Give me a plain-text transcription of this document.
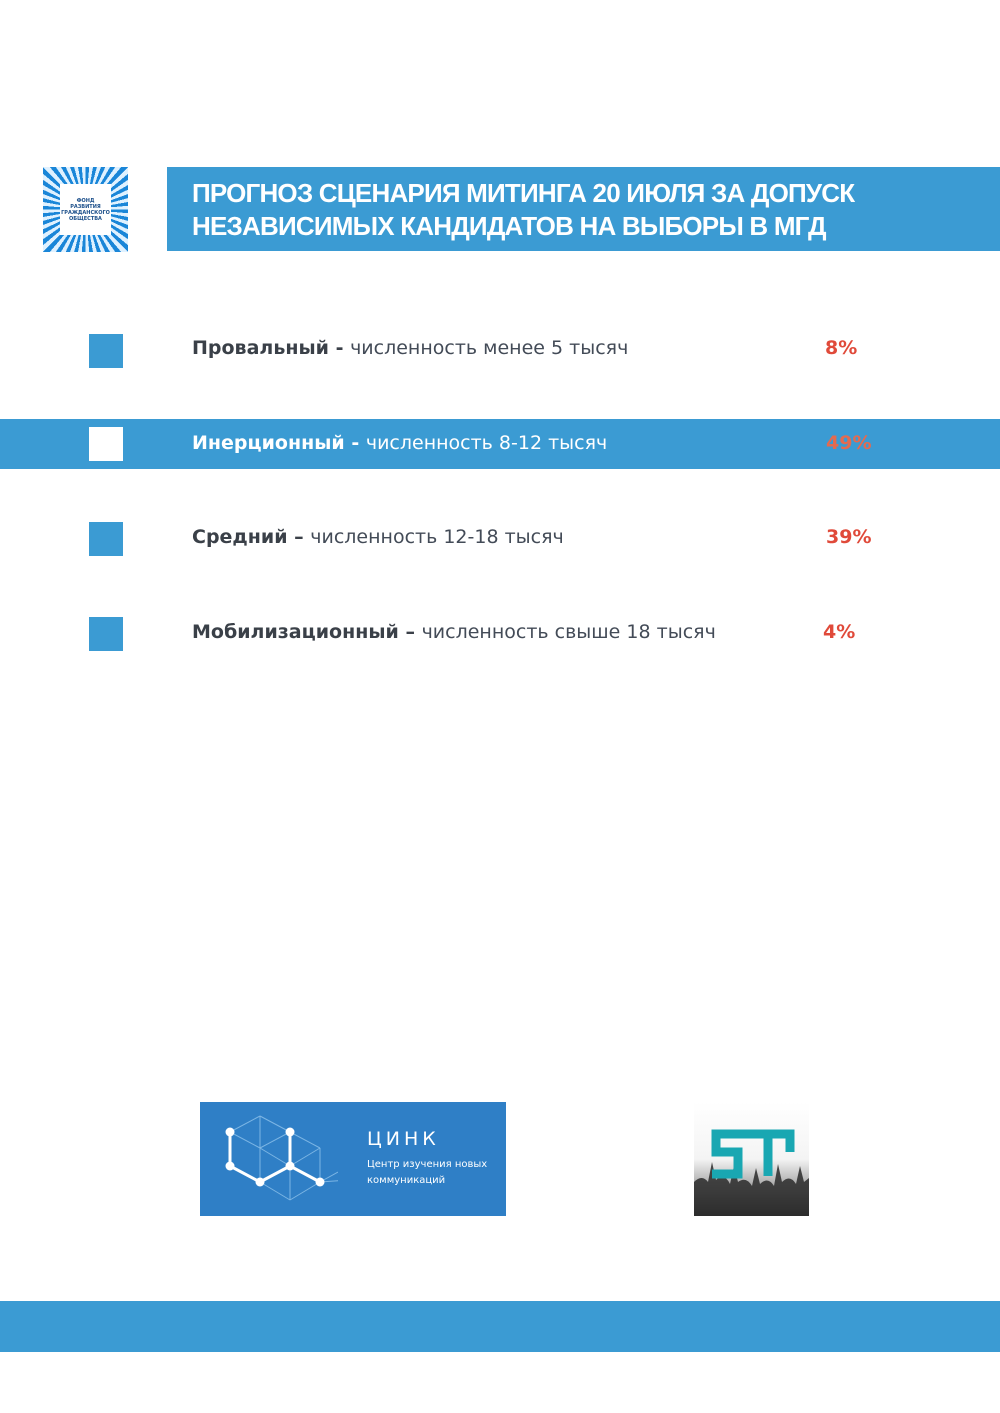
ФОНД
РАЗВИТИЯ
ГРАЖДАНСКОГО
ОБЩЕСТВА
ПРОГНОЗ СЦЕНАРИЯ МИТИНГА 20 ИЮЛЯ ЗА ДОПУСК НЕЗАВИСИМЫХ КАНДИДАТОВ НА ВЫБОРЫ В МГД
Провальный - численность менее 5 тысяч	8%
Инерционный - численность 8-12 тысяч	49%
Средний – численность 12-18 тысяч	39%
Мобилизационный – численность свыше 18 тысяч	4%
ЦИНК
Центр изучения новых коммуникаций
